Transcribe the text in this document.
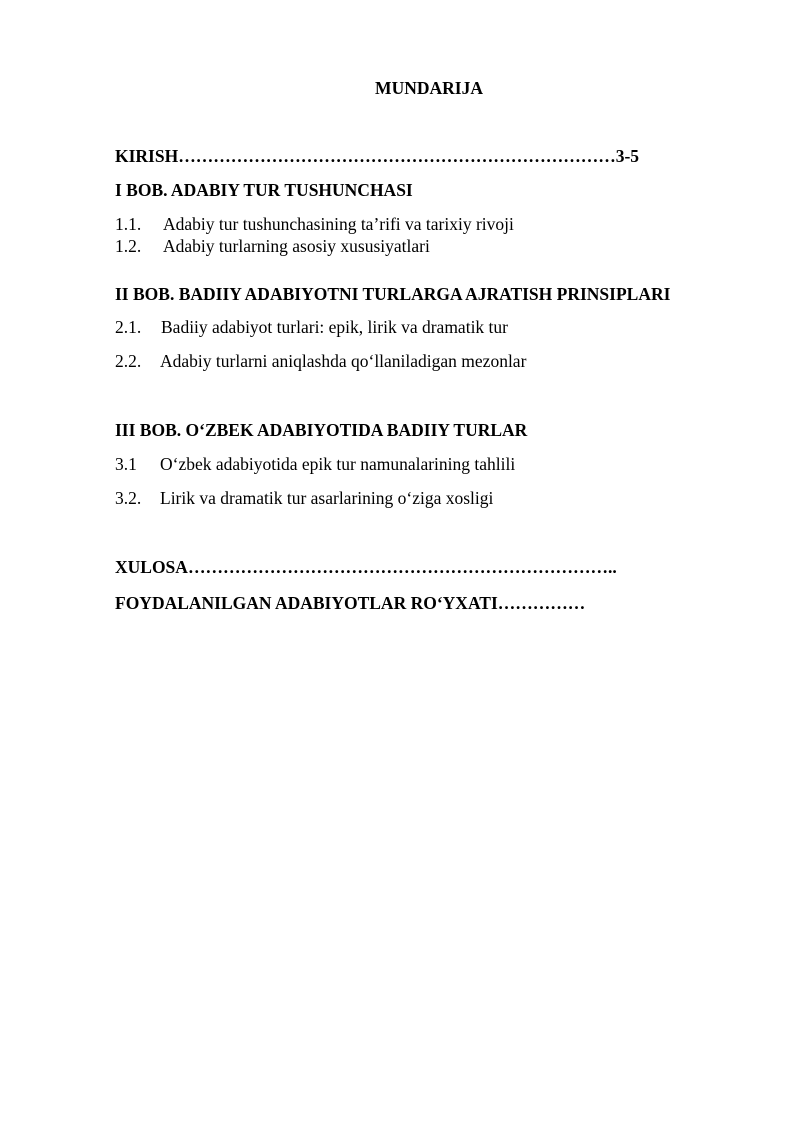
MUNDARIJA
KIRISH…………………………………………………………………3-5
I BOB. ADABIY TUR TUSHUNCHASI
1.1. Adabiy tur tushunchasining ta’rifi va tarixiy rivoji
1.2. Adabiy turlarning asosiy xususiyatlari
II BOB. BADIIY ADABIYOTNI TURLARGA AJRATISH PRINSIPLARI
2.1. Badiiy adabiyot turlari: epik, lirik va dramatik tur
2.2. Adabiy turlarni aniqlashda qo‘llaniladigan mezonlar
III BOB. O‘ZBEK ADABIYOTIDA BADIIY TURLAR
3.1 O‘zbek adabiyotida epik tur namunalarining tahlili
3.2. Lirik va dramatik tur asarlarining o‘ziga xosligi
XULOSA………………………………………………………………..
FOYDALANILGAN ADABIYOTLAR RO‘YXATI……………
